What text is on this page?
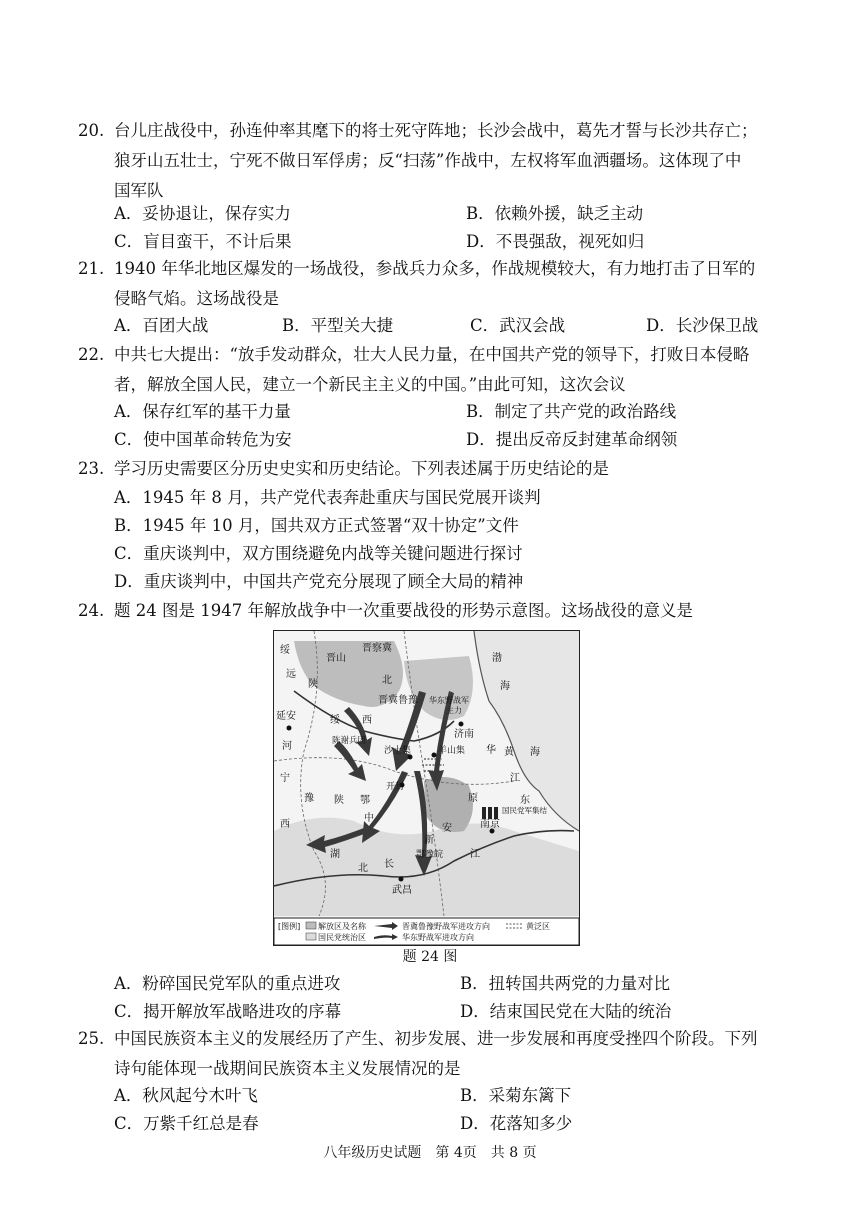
20. 台儿庄战役中，孙连仲率其麾下的将士死守阵地；长沙会战中，葛先才誓与长沙共存亡；
狼牙山五壮士，宁死不做日军俘虏；反“扫荡”作战中，左权将军血洒疆场。这体现了中
国军队
A．妥协退让，保存实力	B．依赖外援，缺乏主动
C．盲目蛮干，不计后果	D．不畏强敌，视死如归
21. 1940 年华北地区爆发的一场战役，参战兵力众多，作战规模较大，有力地打击了日军的
侵略气焰。这场战役是
A．百团大战	B．平型关大捷	C．武汉会战	D．长沙保卫战
22. 中共七大提出：“放手发动群众，壮大人民力量，在中国共产党的领导下，打败日本侵略
者，解放全国人民，建立一个新民主主义的中国。”由此可知，这次会议
A．保存红军的基干力量	B．制定了共产党的政治路线
C．使中国革命转危为安	D．提出反帝反封建革命纲领
23. 学习历史需要区分历史史实和历史结论。下列表述属于历史结论的是
A．1945 年 8 月，共产党代表奔赴重庆与国民党展开谈判
B．1945 年 10 月，国共双方正式签署“双十协定”文件
C．重庆谈判中，双方围绕避免内战等关键问题进行探讨
D．重庆谈判中，中国共产党充分展现了顾全大局的精神
24. 题 24 图是 1947 年解放战争中一次重要战役的形势示意图。这场战役的意义是
绥
远
陕
晋山
晋察冀
北
渤
海
晋冀鲁豫 华东野战军
主力
延安	绥 西
济南
陈谢兵团
河	沙土集	羊山集	黄 海
开封
华
江
东
豫 陕 鄂
中
原
国民党军集结
南京
安
湖
北 长
江
武昌
新
鄂豫皖
宁
西
[图例] 解放区及名称
国民党统治区
晋冀鲁豫野战军进攻方向
华东野战军进攻方向
黄泛区
题 24 图
A．粉碎国民党军队的重点进攻	B．扭转国共两党的力量对比
C．揭开解放军战略进攻的序幕	D．结束国民党在大陆的统治
25. 中国民族资本主义的发展经历了产生、初步发展、进一步发展和再度受挫四个阶段。下列
诗句能体现一战期间民族资本主义发展情况的是
A．秋风起兮木叶飞	B．采菊东篱下
C．万紫千红总是春	D．花落知多少
八年级历史试题　第 4页　共 8 页
